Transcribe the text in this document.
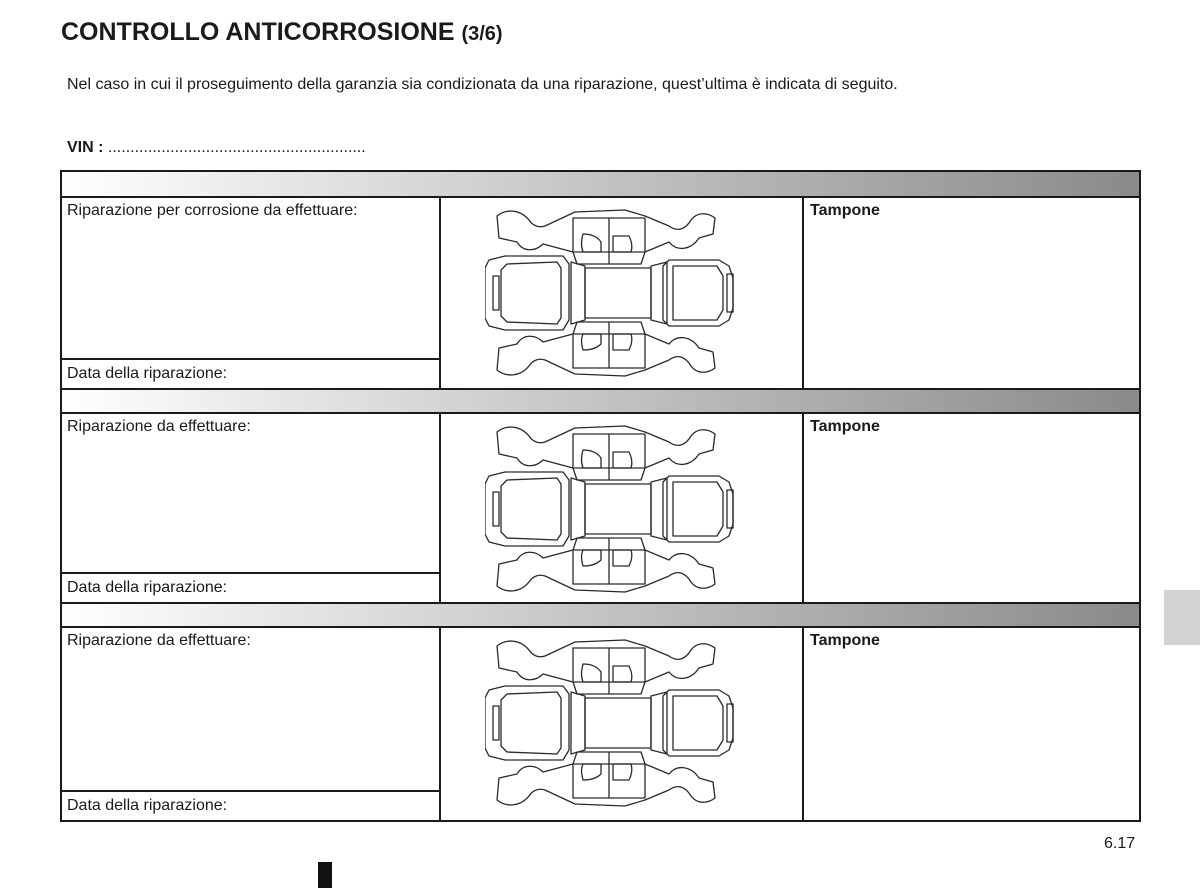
CONTROLLO ANTICORROSIONE (3/6)
Nel caso in cui il proseguimento della garanzia sia condizionata da una riparazione, quest’ultima è indicata di seguito.
VIN : ..........................................................
Riparazione per corrosione da effettuare:
Data della riparazione:
Tampone
Riparazione da effettuare:
Data della riparazione:
Tampone
Riparazione da effettuare:
Data della riparazione:
Tampone
6.17
